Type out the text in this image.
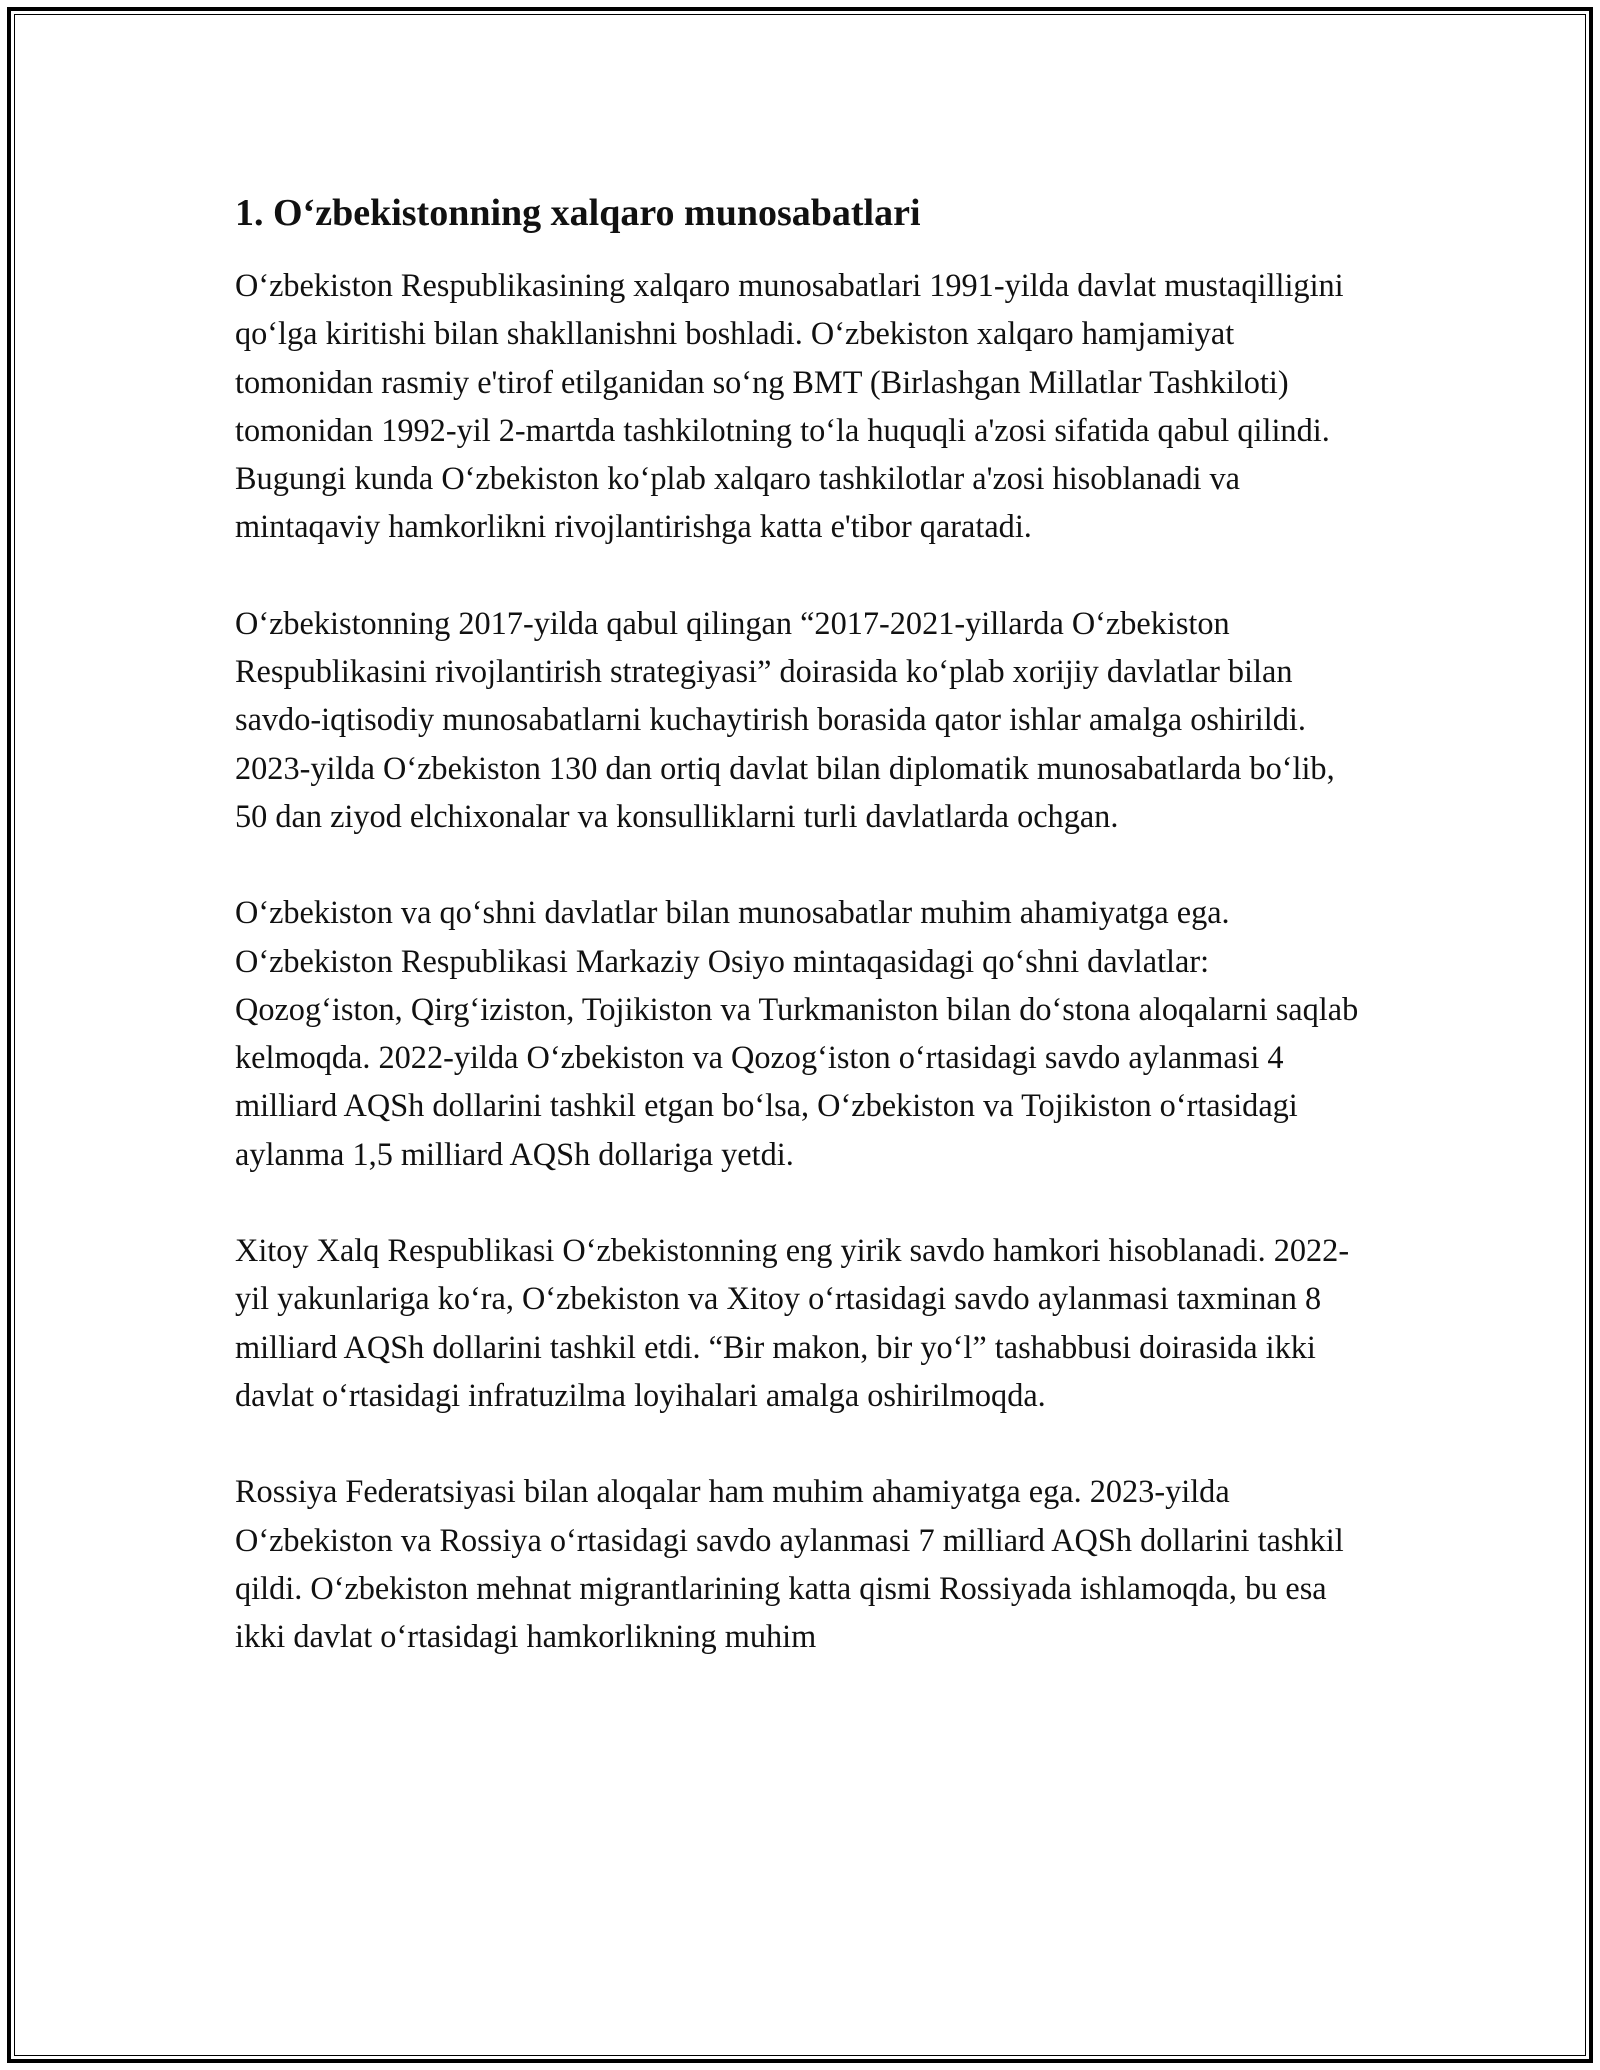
1. O‘zbekistonning xalqaro munosabatlari

O‘zbekiston Respublikasining xalqaro munosabatlari 1991-yilda davlat mustaqilligini qo‘lga kiritishi bilan shakllanishni boshladi. O‘zbekiston xalqaro hamjamiyat tomonidan rasmiy e'tirof etilganidan so‘ng BMT (Birlashgan Millatlar Tashkiloti) tomonidan 1992-yil 2-martda tashkilotning to‘la huquqli a'zosi sifatida qabul qilindi. Bugungi kunda O‘zbekiston ko‘plab xalqaro tashkilotlar a'zosi hisoblanadi va mintaqaviy hamkorlikni rivojlantirishga katta e'tibor qaratadi.

O‘zbekistonning 2017-yilda qabul qilingan “2017-2021-yillarda O‘zbekiston Respublikasini rivojlantirish strategiyasi” doirasida ko‘plab xorijiy davlatlar bilan savdo-iqtisodiy munosabatlarni kuchaytirish borasida qator ishlar amalga oshirildi. 2023-yilda O‘zbekiston 130 dan ortiq davlat bilan diplomatik munosabatlarda bo‘lib, 50 dan ziyod elchixonalar va konsulliklarni turli davlatlarda ochgan.

O‘zbekiston va qo‘shni davlatlar bilan munosabatlar muhim ahamiyatga ega. O‘zbekiston Respublikasi Markaziy Osiyo mintaqasidagi qo‘shni davlatlar: Qozog‘iston, Qirg‘iziston, Tojikiston va Turkmaniston bilan do‘stona aloqalarni saqlab kelmoqda. 2022-yilda O‘zbekiston va Qozog‘iston o‘rtasidagi savdo aylanmasi 4 milliard AQSh dollarini tashkil etgan bo‘lsa, O‘zbekiston va Tojikiston o‘rtasidagi aylanma 1,5 milliard AQSh dollariga yetdi.

Xitoy Xalq Respublikasi O‘zbekistonning eng yirik savdo hamkori hisoblanadi. 2022-yil yakunlariga ko‘ra, O‘zbekiston va Xitoy o‘rtasidagi savdo aylanmasi taxminan 8 milliard AQSh dollarini tashkil etdi. “Bir makon, bir yo‘l” tashabbusi doirasida ikki davlat o‘rtasidagi infratuzilma loyihalari amalga oshirilmoqda.

Rossiya Federatsiyasi bilan aloqalar ham muhim ahamiyatga ega. 2023-yilda O‘zbekiston va Rossiya o‘rtasidagi savdo aylanmasi 7 milliard AQSh dollarini tashkil qildi. O‘zbekiston mehnat migrantlarining katta qismi Rossiyada ishlamoqda, bu esa ikki davlat o‘rtasidagi hamkorlikning muhim
